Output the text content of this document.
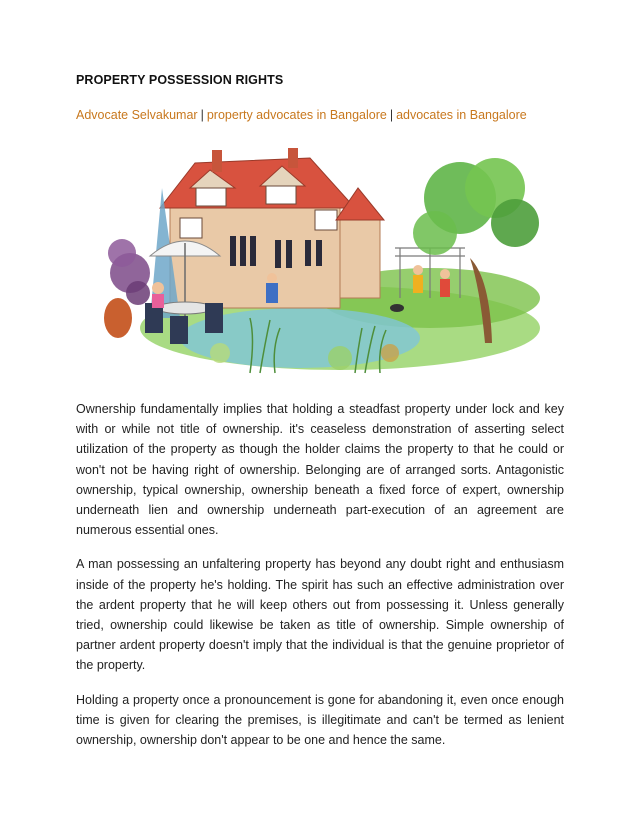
PROPERTY POSSESSION RIGHTS
Advocate Selvakumar | property advocates in Bangalore | advocates in Bangalore

Ownership fundamentally implies that holding a steadfast property under lock and key with or while not title of ownership. it's ceaseless demonstration of asserting select utilization of the property as though the holder claims the property to that he could or won't not be having right of ownership. Belonging are of arranged sorts. Antagonistic ownership, typical ownership, ownership beneath a fixed force of expert, ownership underneath lien and ownership underneath part-execution of an agreement are numerous essential ones.

A man possessing an unfaltering property has beyond any doubt right and enthusiasm inside of the property he's holding. The spirit has such an effective administration over the ardent property that he will keep others out from possessing it. Unless generally tried, ownership could likewise be taken as title of ownership. Simple ownership of partner ardent property doesn't imply that the individual is that the genuine proprietor of the property.

Holding a property once a pronouncement is gone for abandoning it, even once enough time is given for clearing the premises, is illegitimate and can't be termed as lenient ownership, ownership don't appear to be one and hence the same.
